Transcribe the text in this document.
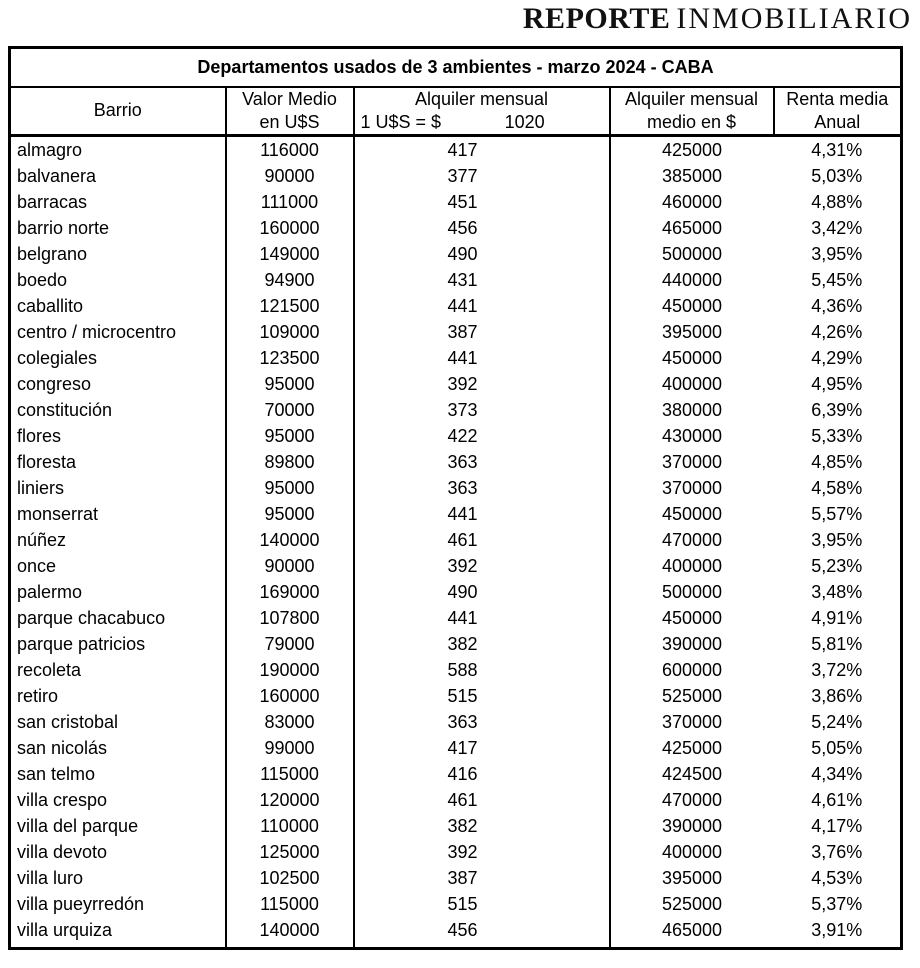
REPORTE INMOBILIARIO
Departamentos usados de 3 ambientes - marzo 2024 - CABA				

Barrio

Valor Medio
en U$S

Alquiler mensual
1 U$S = $	1020

Alquiler mensual
medio en $

Renta media
Anual

almagro	116000	417	425000	4,31%
balvanera	90000	377	385000	5,03%
barracas	111000	451	460000	4,88%
barrio norte	160000	456	465000	3,42%
belgrano	149000	490	500000	3,95%
boedo	94900	431	440000	5,45%
caballito	121500	441	450000	4,36%
centro / microcentro	109000	387	395000	4,26%
colegiales	123500	441	450000	4,29%
congreso	95000	392	400000	4,95%
constitución	70000	373	380000	6,39%
flores	95000	422	430000	5,33%
floresta	89800	363	370000	4,85%
liniers	95000	363	370000	4,58%
monserrat	95000	441	450000	5,57%
núñez	140000	461	470000	3,95%
once	90000	392	400000	5,23%
palermo	169000	490	500000	3,48%
parque chacabuco	107800	441	450000	4,91%
parque patricios	79000	382	390000	5,81%
recoleta	190000	588	600000	3,72%
retiro	160000	515	525000	3,86%
san cristobal	83000	363	370000	5,24%
san nicolás	99000	417	425000	5,05%
san telmo	115000	416	424500	4,34%
villa crespo	120000	461	470000	4,61%
villa del parque	110000	382	390000	4,17%
villa devoto	125000	392	400000	3,76%
villa luro	102500	387	395000	4,53%
villa pueyrredón	115000	515	525000	5,37%
villa urquiza	140000	456	465000	3,91%
